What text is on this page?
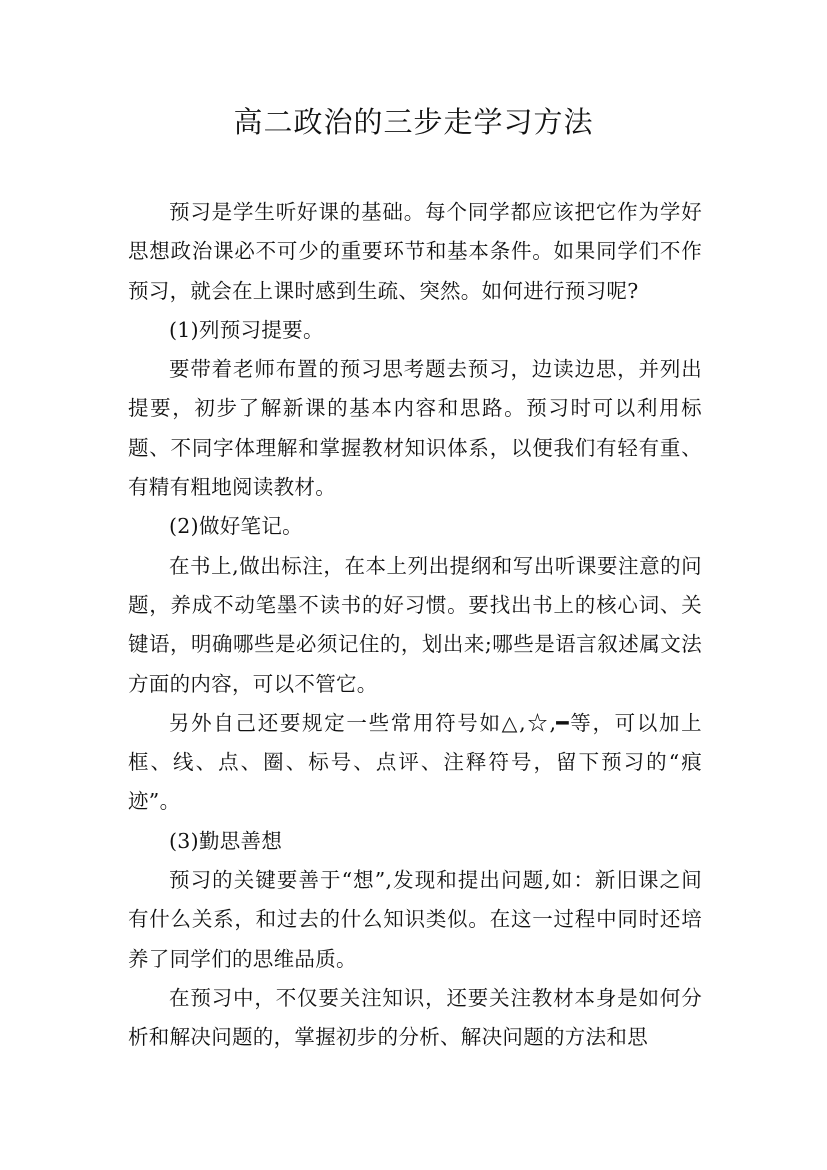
高二政治的三步走学习方法

预习是学生听好课的基础。每个同学都应该把它作为学好思想政治课必不可少的重要环节和基本条件。如果同学们不作预习，就会在上课时感到生疏、突然。如何进行预习呢?

(1)列预习提要。

要带着老师布置的预习思考题去预习，边读边思，并列出提要，初步了解新课的基本内容和思路。预习时可以利用标题、不同字体理解和掌握教材知识体系，以便我们有轻有重、有精有粗地阅读教材。

(2)做好笔记。

在书上,做出标注，在本上列出提纲和写出听课要注意的问题，养成不动笔墨不读书的好习惯。要找出书上的核心词、关键语，明确哪些是必须记住的，划出来;哪些是语言叙述属文法方面的内容，可以不管它。

另外自己还要规定一些常用符号如△,☆,━等，可以加上框、线、点、圈、标号、点评、注释符号，留下预习的“痕迹”。

(3)勤思善想

预习的关键要善于“想”,发现和提出问题,如：新旧课之间有什么关系，和过去的什么知识类似。在这一过程中同时还培养了同学们的思维品质。

在预习中，不仅要关注知识，还要关注教材本身是如何分析和解决问题的，掌握初步的分析、解决问题的方法和思
